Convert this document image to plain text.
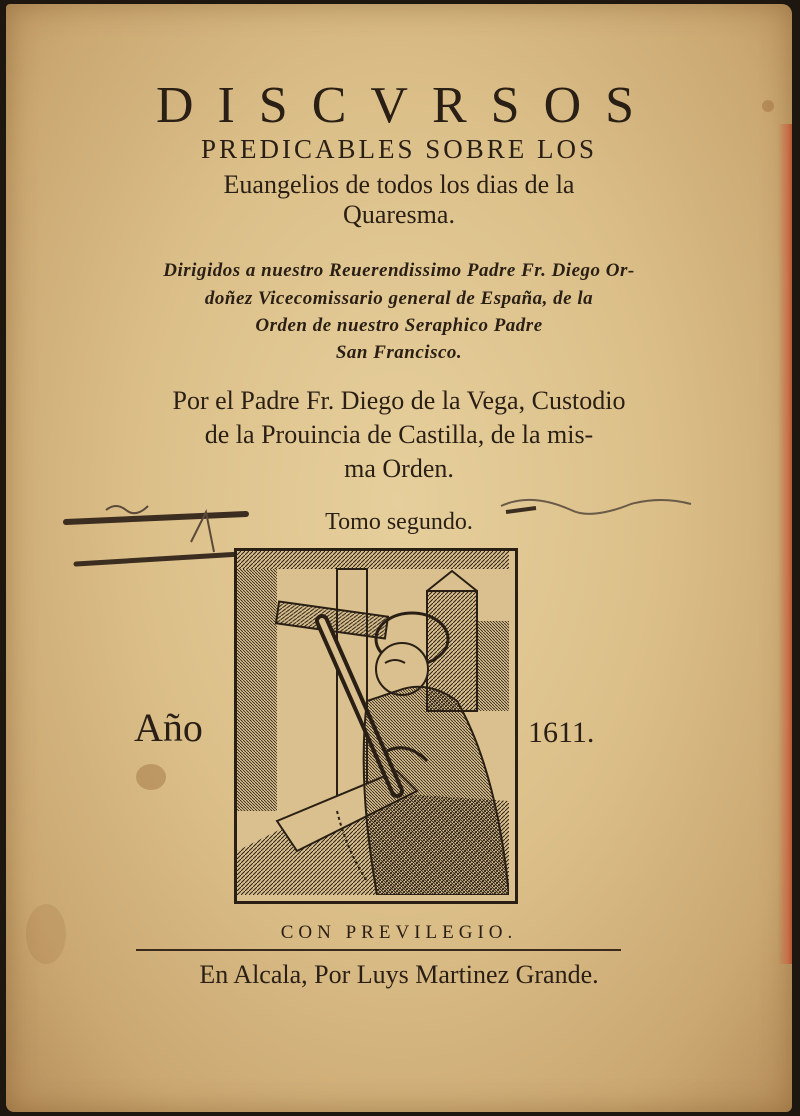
DISCVRSOS
PREDICABLES SOBRE LOS
Euangelios de todos los dias de la
Quaresma.
Dirigidos a nuestro Reuerendissimo Padre Fr. Diego Or-
doñez Vicecomissario general de España, de la
Orden de nuestro Seraphico Padre
San Francisco.
Por el Padre Fr. Diego de la Vega, Custodio
de la Prouincia de Castilla, de la mis-
ma Orden.
Tomo segundo.
Año	1611.
CON PREVILEGIO.
En Alcala, Por Luys Martinez Grande.
